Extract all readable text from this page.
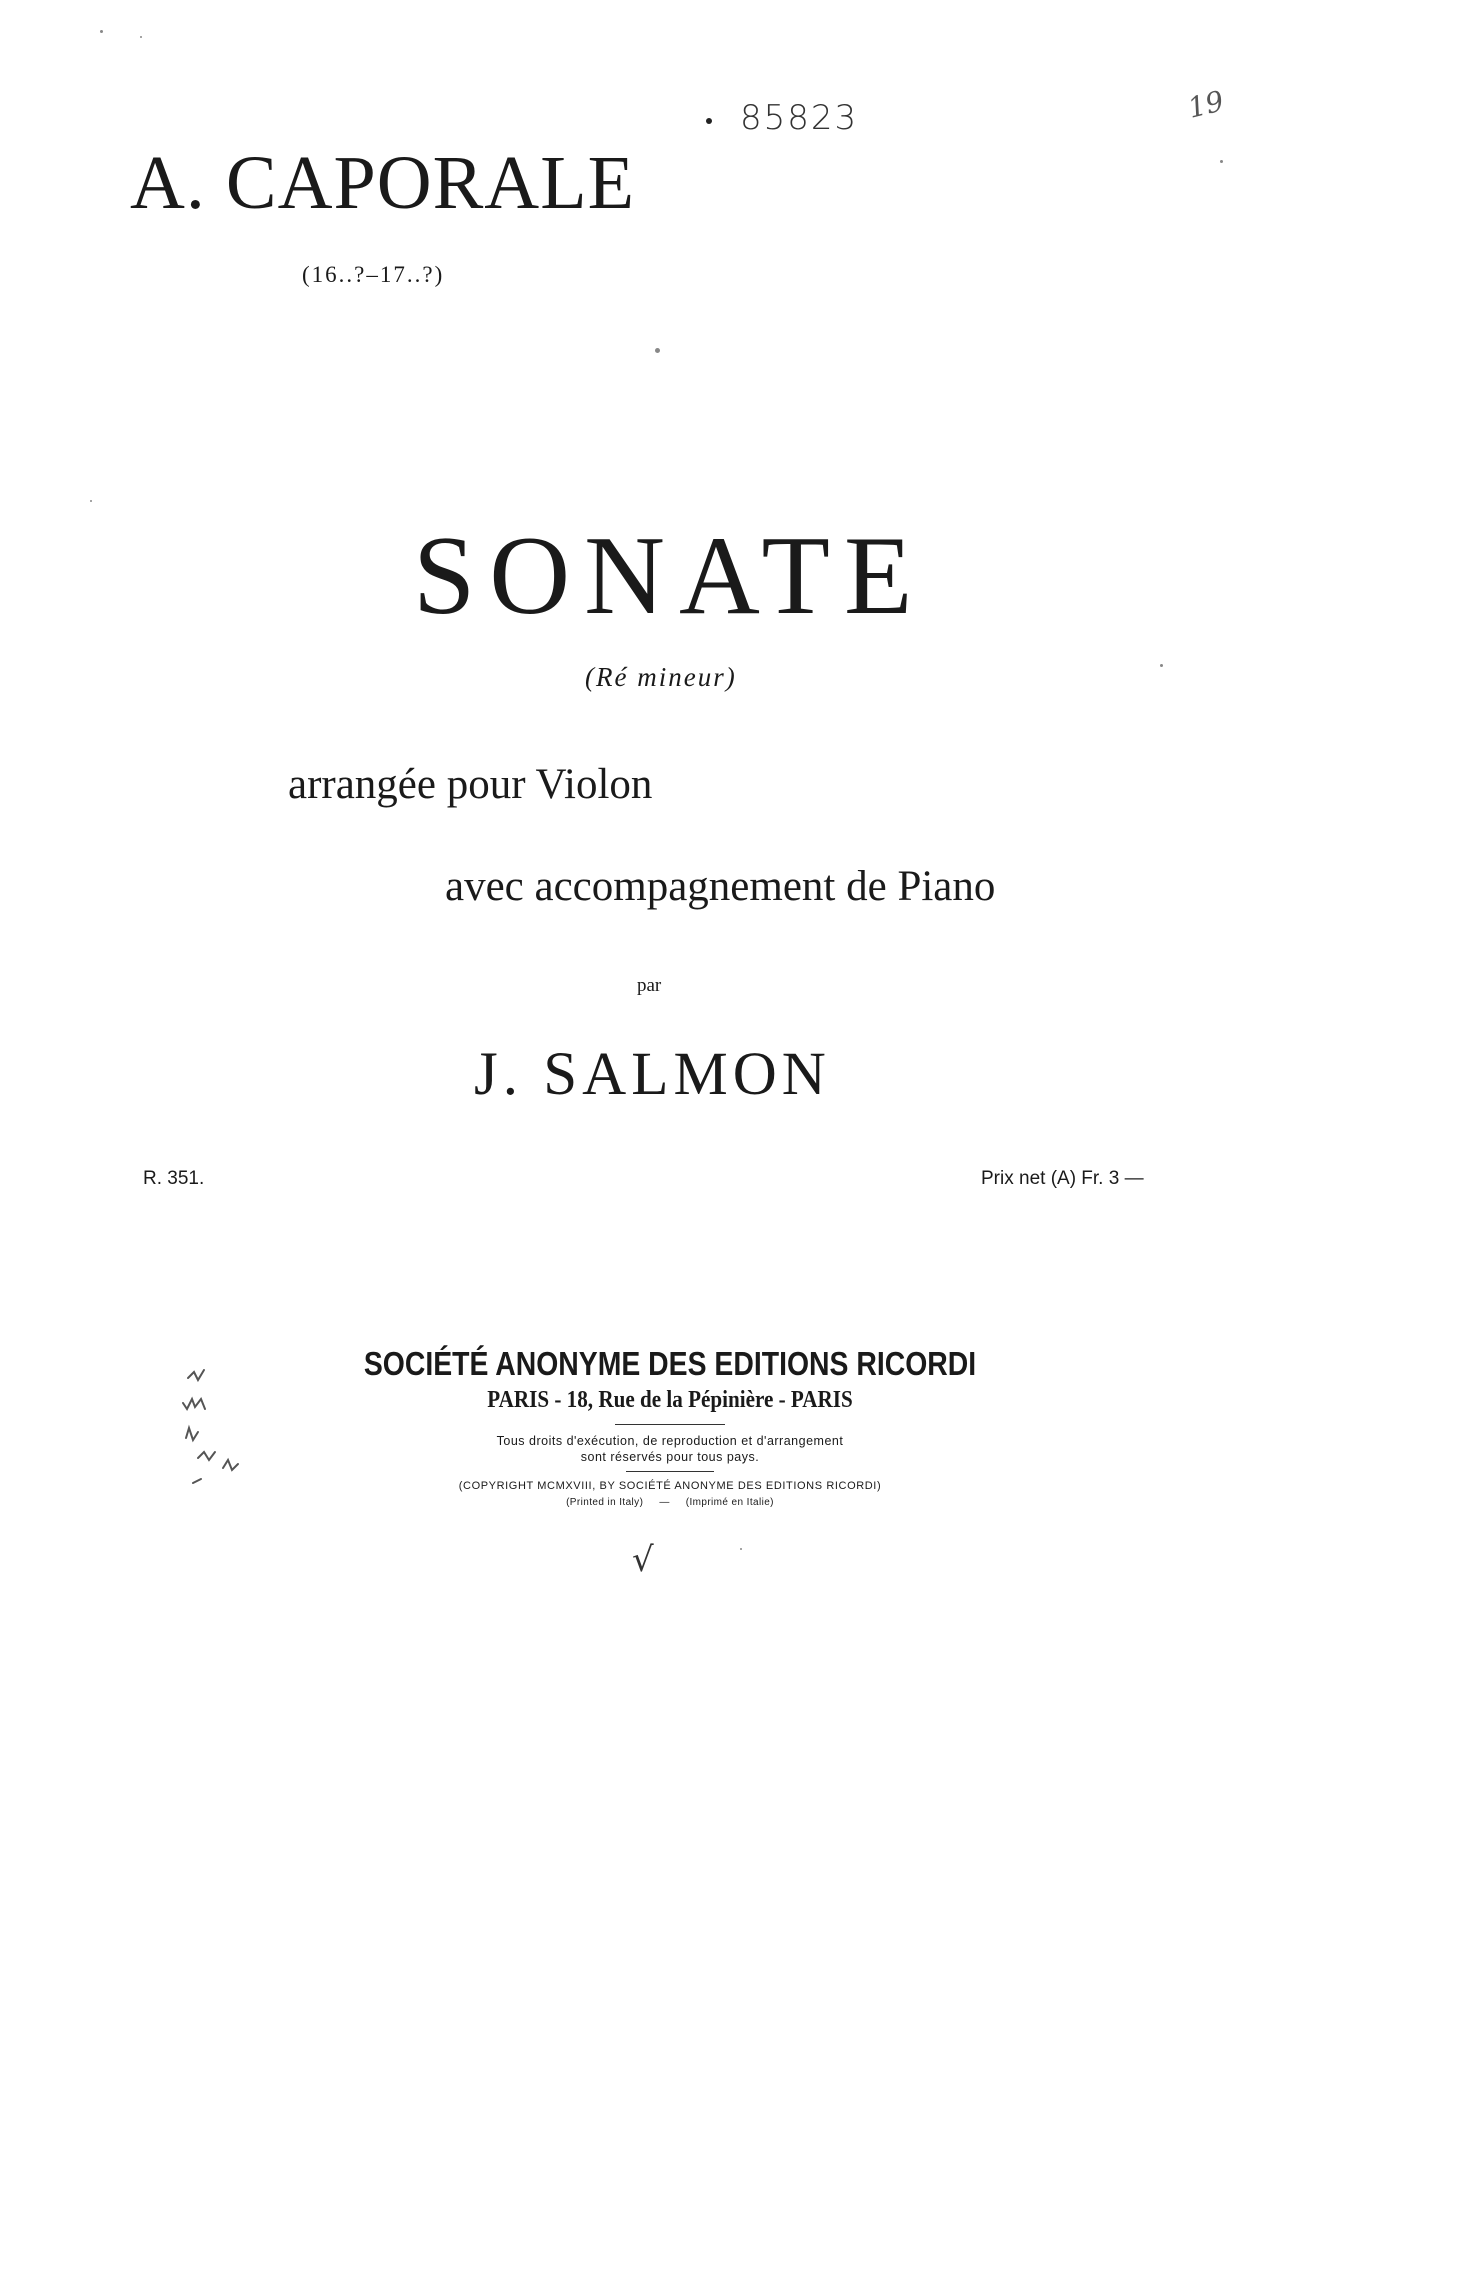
85823	19
A. CAPORALE
(16..?–17..?)
SONATE
(Ré mineur)
arrangée pour Violon
avec accompagnement de Piano
par
J. SALMON
R. 351.	Prix net (A) Fr. 3 —
SOCIÉTÉ ANONYME DES EDITIONS RICORDI
PARIS - 18, Rue de la Pépinière - PARIS
Tous droits d'exécution, de reproduction et d'arrangement
sont réservés pour tous pays.
(COPYRIGHT MCMXVIII, BY SOCIÉTÉ ANONYME DES EDITIONS RICORDI)
(Printed in Italy) — (Imprimé en Italie)
√
